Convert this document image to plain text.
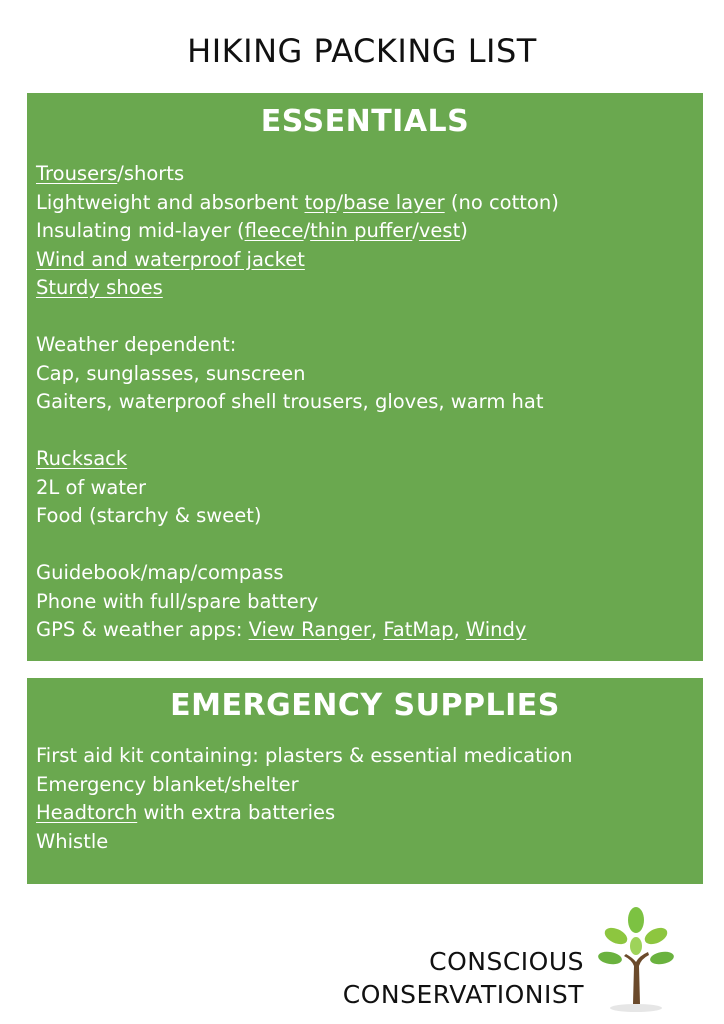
HIKING PACKING LIST
ESSENTIALS
Trousers/shorts
Lightweight and absorbent top/base layer (no cotton)
Insulating mid-layer (fleece/thin puffer/vest)
Wind and waterproof jacket
Sturdy shoes
Weather dependent:
Cap, sunglasses, sunscreen
Gaiters, waterproof shell trousers, gloves, warm hat
Rucksack
2L of water
Food (starchy & sweet)
Guidebook/map/compass
Phone with full/spare battery
GPS & weather apps: View Ranger, FatMap, Windy
EMERGENCY SUPPLIES
First aid kit containing: plasters & essential medication
Emergency blanket/shelter
Headtorch with extra batteries
Whistle
CONSCIOUS
CONSERVATIONIST
